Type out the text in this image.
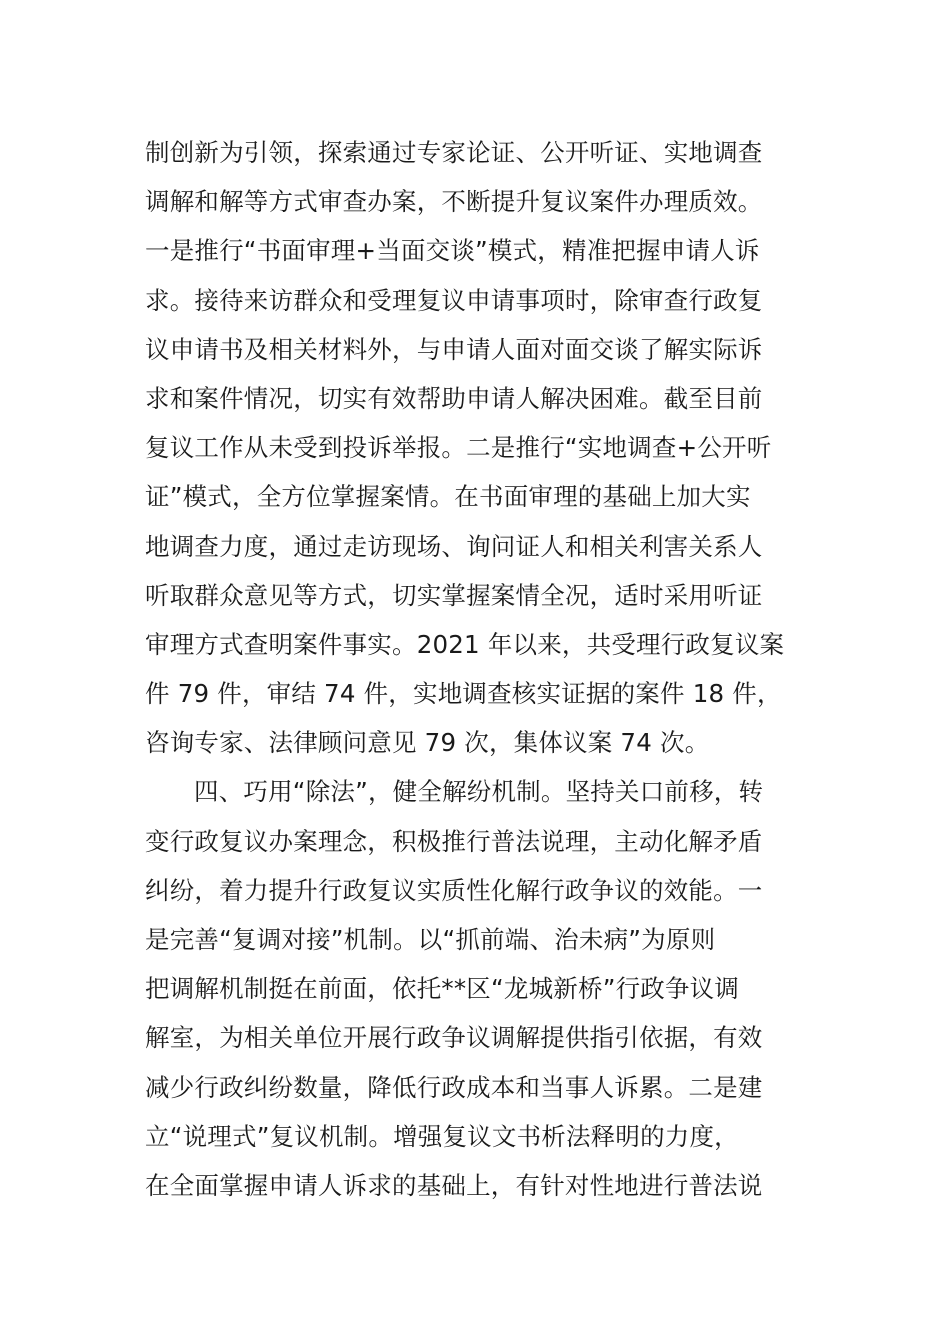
制创新为引领，探索通过专家论证、公开听证、实地调查
调解和解等方式审查办案，不断提升复议案件办理质效。
一是推行“书面审理+当面交谈”模式，精准把握申请人诉
求。接待来访群众和受理复议申请事项时，除审查行政复
议申请书及相关材料外，与申请人面对面交谈了解实际诉
求和案件情况，切实有效帮助申请人解决困难。截至目前
复议工作从未受到投诉举报。二是推行“实地调查+公开听
证”模式，全方位掌握案情。在书面审理的基础上加大实
地调查力度，通过走访现场、询问证人和相关利害关系人
听取群众意见等方式，切实掌握案情全况，适时采用听证
审理方式查明案件事实。2021 年以来，共受理行政复议案
件 79 件，审结 74 件，实地调查核实证据的案件 18 件，
咨询专家、法律顾问意见 79 次，集体议案 74 次。
四、巧用“除法”，健全解纷机制。坚持关口前移，转
变行政复议办案理念，积极推行普法说理，主动化解矛盾
纠纷，着力提升行政复议实质性化解行政争议的效能。一
是完善“复调对接”机制。以“抓前端、治未病”为原则
把调解机制挺在前面，依托**区“龙城新桥”行政争议调
解室，为相关单位开展行政争议调解提供指引依据，有效
减少行政纠纷数量，降低行政成本和当事人诉累。二是建
立“说理式”复议机制。增强复议文书析法释明的力度，
在全面掌握申请人诉求的基础上，有针对性地进行普法说
